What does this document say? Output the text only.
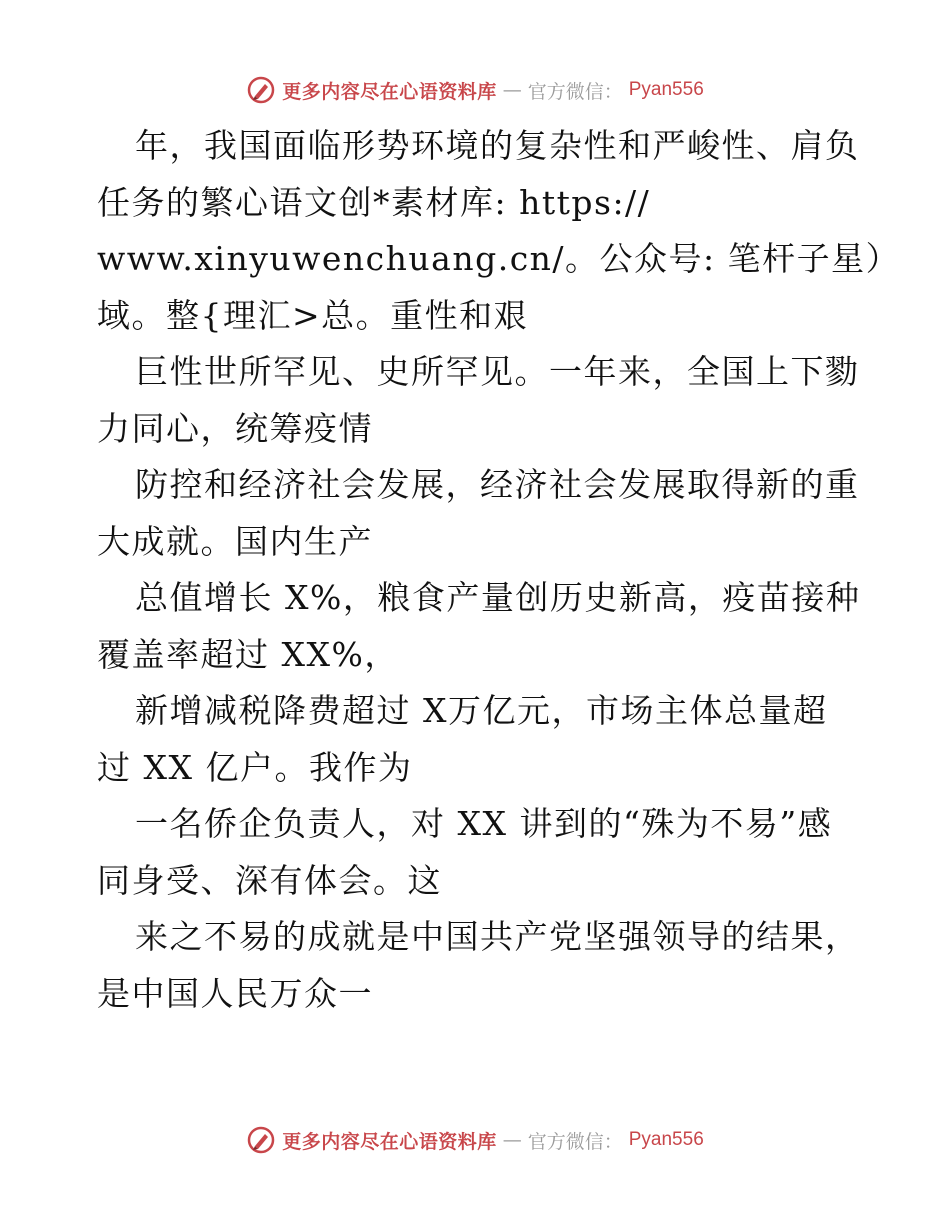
更多内容尽在心语资料库 — 官方微信： Pyan556
年，我国面临形势环境的复杂性和严峻性、肩负
任务的繁心语文创*素材库: https://
www.xinyuwenchuang.cn/。公众号: 笔杆子星）
域。整{理汇>总。重性和艰
巨性世所罕见、史所罕见。一年来，全国上下勠
力同心，统筹疫情
防控和经济社会发展，经济社会发展取得新的重
大成就。国内生产
总值增长 X%，粮食产量创历史新高，疫苗接种
覆盖率超过 XX%，
新增减税降费超过 X万亿元，市场主体总量超
过 XX 亿户。我作为
一名侨企负责人，对 XX 讲到的“殊为不易”感
同身受、深有体会。这
来之不易的成就是中国共产党坚强领导的结果，
是中国人民万众一
更多内容尽在心语资料库 — 官方微信： Pyan556
